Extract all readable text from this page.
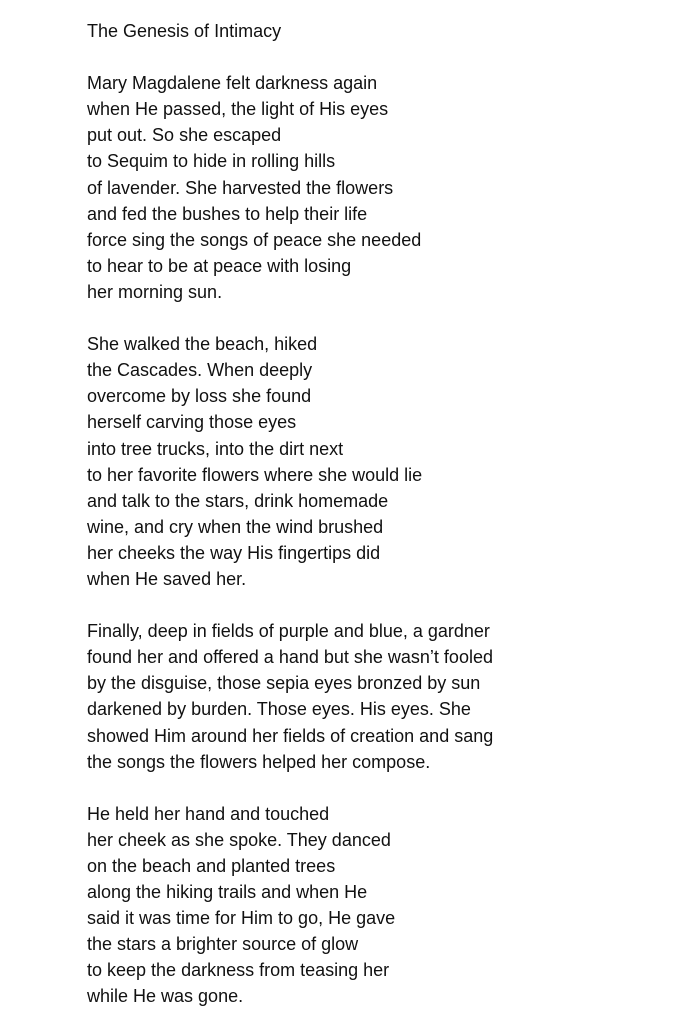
The Genesis of Intimacy
Mary Magdalene felt darkness again
when He passed, the light of His eyes
put out. So she escaped
to Sequim to hide in rolling hills
of lavender. She harvested the flowers
and fed the bushes to help their life
force sing the songs of peace she needed
to hear to be at peace with losing
her morning sun.
She walked the beach, hiked
the Cascades. When deeply
overcome by loss she found
herself carving those eyes
into tree trucks, into the dirt next
to her favorite flowers where she would lie
and talk to the stars, drink homemade
wine, and cry when the wind brushed
her cheeks the way His fingertips did
when He saved her.
Finally, deep in fields of purple and blue, a gardner
found her and offered a hand but she wasn’t fooled
by the disguise, those sepia eyes bronzed by sun
darkened by burden. Those eyes. His eyes. She
showed Him around her fields of creation and sang
the songs the flowers helped her compose.
He held her hand and touched
her cheek as she spoke. They danced
on the beach and planted trees
along the hiking trails and when He
said it was time for Him to go, He gave
the stars a brighter source of glow
to keep the darkness from teasing her
while He was gone.
